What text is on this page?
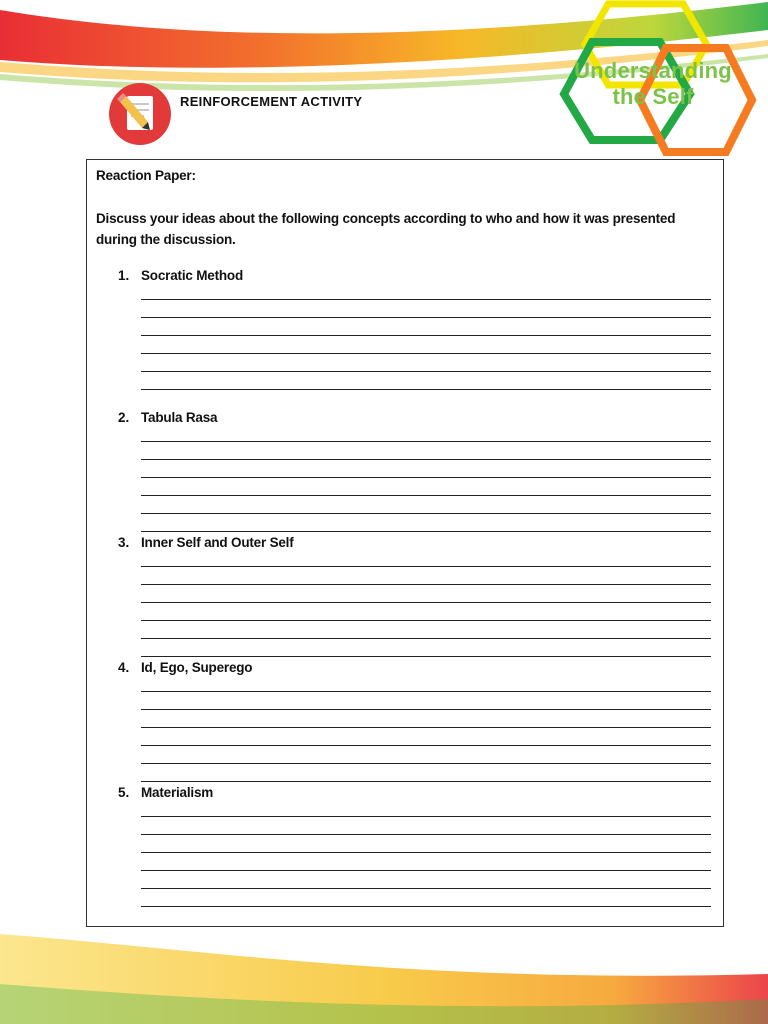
Understanding
the Self
REINFORCEMENT ACTIVITY
Reaction Paper:
Discuss your ideas about the following concepts according to who and how it was presented during the discussion.
1. Socratic Method
2. Tabula Rasa
3. Inner Self and Outer Self
4. Id, Ego, Superego
5. Materialism
